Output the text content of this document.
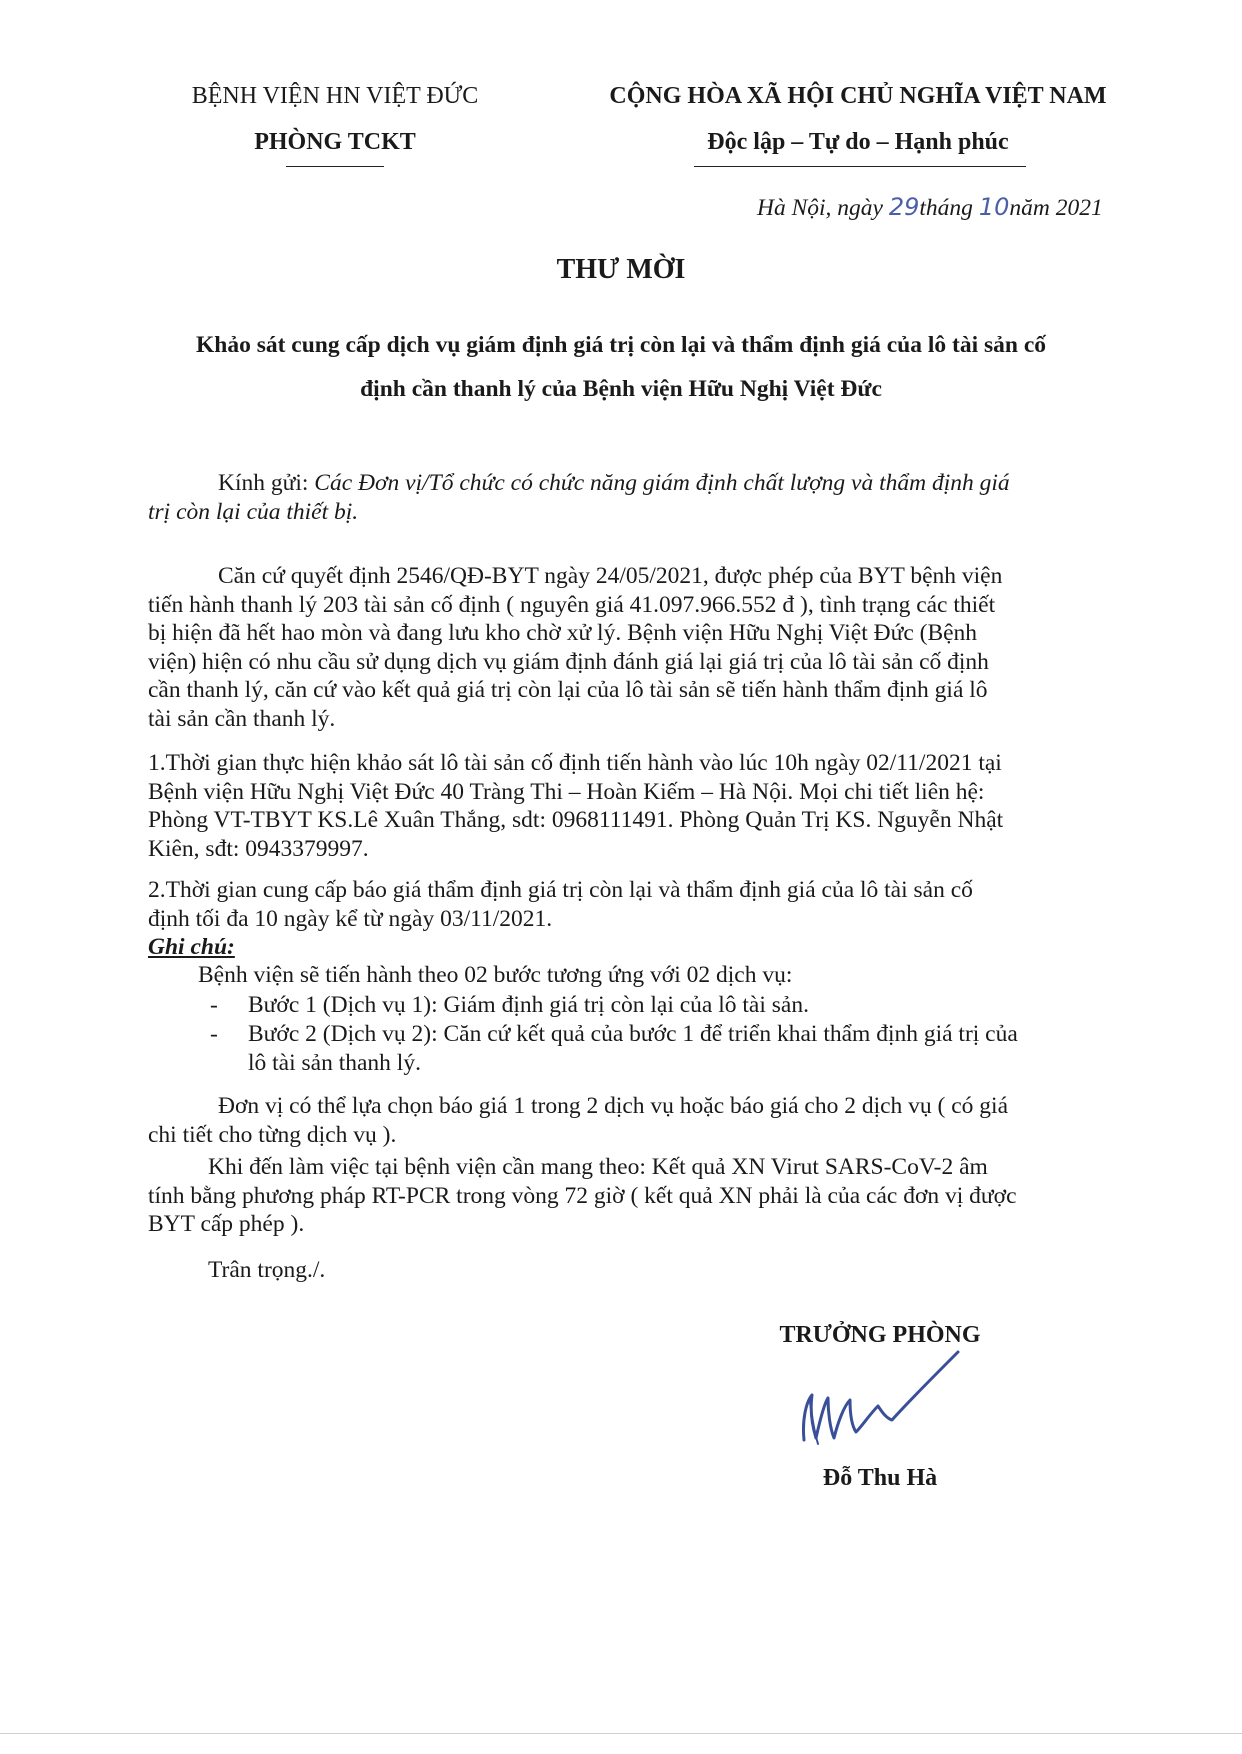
BỆNH VIỆN HN VIỆT ĐỨC
PHÒNG TCKT
CỘNG HÒA XÃ HỘI CHỦ NGHĨA VIỆT NAM
Độc lập – Tự do – Hạnh phúc
Hà Nội, ngày 29tháng 10năm 2021
THƯ MỜI
Khảo sát cung cấp dịch vụ giám định giá trị còn lại và thẩm định giá của lô tài sản cố
định cần thanh lý của Bệnh viện Hữu Nghị Việt Đức
Kính gửi: Các Đơn vị/Tổ chức có chức năng giám định chất lượng và thẩm định giá
trị còn lại của thiết bị.
Căn cứ quyết định 2546/QĐ-BYT ngày 24/05/2021, được phép của BYT bệnh viện
tiến hành thanh lý 203 tài sản cố định ( nguyên giá 41.097.966.552 đ ), tình trạng các thiết
bị hiện đã hết hao mòn và đang lưu kho chờ xử lý. Bệnh viện Hữu Nghị Việt Đức (Bệnh
viện) hiện có nhu cầu sử dụng dịch vụ giám định đánh giá lại giá trị của lô tài sản cố định
cần thanh lý, căn cứ vào kết quả giá trị còn lại của lô tài sản sẽ tiến hành thẩm định giá lô
tài sản cần thanh lý.
1.Thời gian thực hiện khảo sát lô tài sản cố định tiến hành vào lúc 10h ngày 02/11/2021 tại
Bệnh viện Hữu Nghị Việt Đức 40 Tràng Thi – Hoàn Kiếm – Hà Nội. Mọi chi tiết liên hệ:
Phòng VT-TBYT KS.Lê Xuân Thắng, sdt: 0968111491. Phòng Quản Trị KS. Nguyễn Nhật
Kiên, sđt: 0943379997.
2.Thời gian cung cấp báo giá thẩm định giá trị còn lại và thẩm định giá của lô tài sản cố
định tối đa 10 ngày kể từ ngày 03/11/2021.
Ghi chú:
Bệnh viện sẽ tiến hành theo 02 bước tương ứng với 02 dịch vụ:
- Bước 1 (Dịch vụ 1): Giám định giá trị còn lại của lô tài sản.
- Bước 2 (Dịch vụ 2): Căn cứ kết quả của bước 1 để triển khai thẩm định giá trị của
lô tài sản thanh lý.
Đơn vị có thể lựa chọn báo giá 1 trong 2 dịch vụ hoặc báo giá cho 2 dịch vụ ( có giá
chi tiết cho từng dịch vụ ).
Khi đến làm việc tại bệnh viện cần mang theo: Kết quả XN Virut SARS-CoV-2 âm
tính bằng phương pháp RT-PCR trong vòng 72 giờ ( kết quả XN phải là của các đơn vị được
BYT cấp phép ).
Trân trọng./.
TRƯỞNG PHÒNG
Đỗ Thu Hà
